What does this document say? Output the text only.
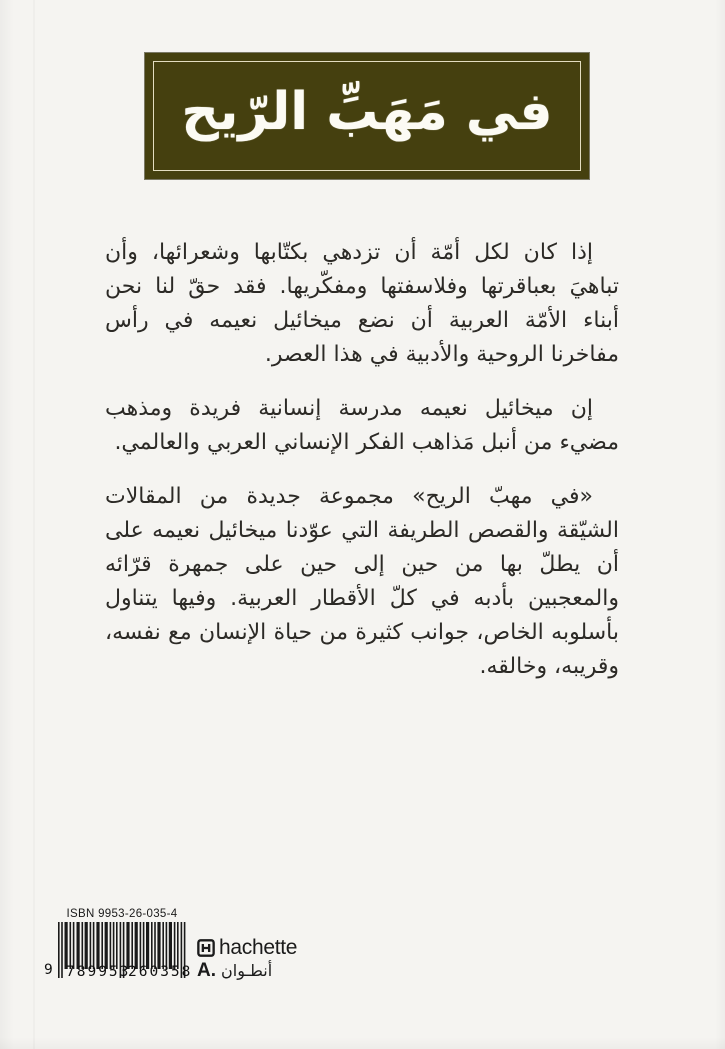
في مَهَبِّ الرّيح

إذا كان لكل أمّة أن تزدهي بكتّابها وشعرائها، وأن تباهيَ بعباقرتها وفلاسفتها ومفكّريها. فقد حقّ لنا نحن أبناء الأمّة العربية أن نضع ميخائيل نعيمه في رأس مفاخرنا الروحية والأدبية في هذا العصر.

إن ميخائيل نعيمه مدرسة إنسانية فريدة ومذهب مضيء من أنبل مَذاهب الفكر الإنساني العربي والعالمي.

«في مهبّ الريح» مجموعة جديدة من المقالات الشيّقة والقصص الطريفة التي عوّدنا ميخائيل نعيمه على أن يطلّ بها من حين إلى حين على جمهرة قرّائه والمعجبين بأدبه في كلّ الأقطار العربية. وفيها يتناول بأسلوبه الخاص، جوانب كثيرة من حياة الإنسان مع نفسه، وقريبه، وخالقه.

ISBN 9953-26-035-4
9 789953
260358
hachette
A. أنطـوان
